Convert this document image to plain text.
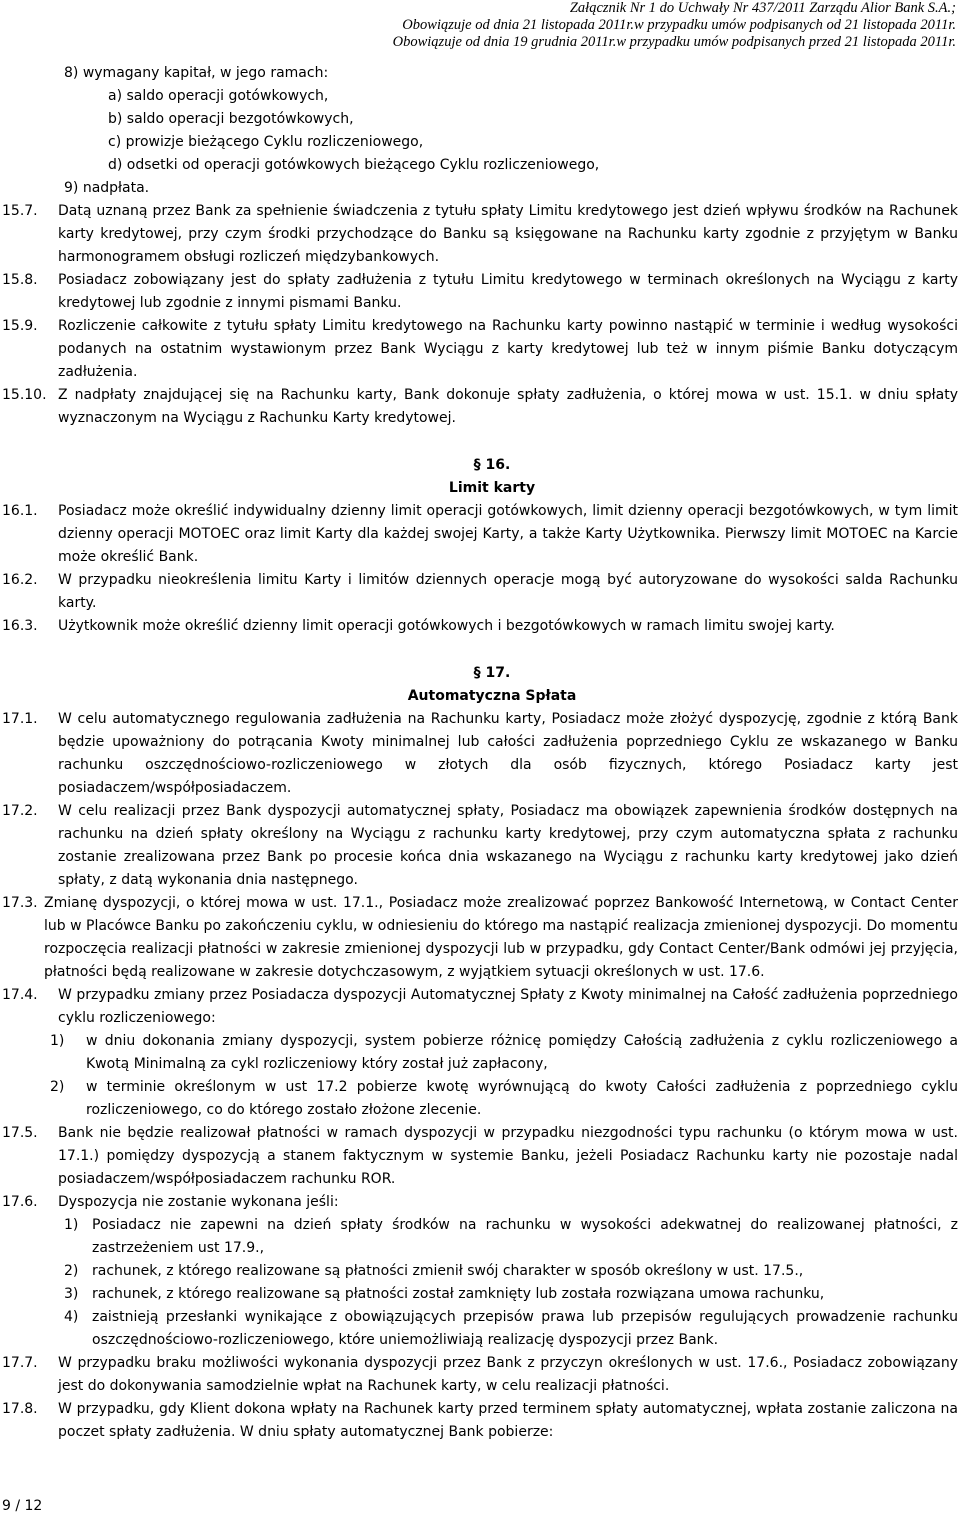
Załącznik Nr 1 do Uchwały Nr 437/2011 Zarządu Alior Bank S.A.;
Obowiązuje od dnia 21 listopada 2011r.w przypadku umów podpisanych od 21 listopada 2011r.
Obowiązuje od dnia 19 grudnia 2011r.w przypadku umów podpisanych przed 21 listopada 2011r.
8) wymagany kapitał, w jego ramach:
a) saldo operacji gotówkowych,
b) saldo operacji bezgotówkowych,
c) prowizje bieżącego Cyklu rozliczeniowego,
d) odsetki od operacji gotówkowych bieżącego Cyklu rozliczeniowego,
9) nadpłata.
15.7.	Datą uznaną przez Bank za spełnienie świadczenia z tytułu spłaty Limitu kredytowego jest dzień wpływu środków na Rachunek karty kredytowej, przy czym środki przychodzące do Banku są księgowane na Rachunku karty zgodnie z przyjętym w Banku harmonogramem obsługi rozliczeń międzybankowych.
15.8.	Posiadacz zobowiązany jest do spłaty zadłużenia z tytułu Limitu kredytowego w terminach określonych na Wyciągu z karty kredytowej lub zgodnie z innymi pismami Banku.
15.9.	Rozliczenie całkowite z tytułu spłaty Limitu kredytowego na Rachunku karty powinno nastąpić w terminie i według wysokości podanych na ostatnim wystawionym przez Bank Wyciągu z karty kredytowej lub też w innym piśmie Banku dotyczącym zadłużenia.
15.10. Z nadpłaty znajdującej się na Rachunku karty, Bank dokonuje spłaty zadłużenia, o której mowa w ust. 15.1. w dniu spłaty wyznaczonym na Wyciągu z Rachunku Karty kredytowej.
§ 16.
Limit karty
16.1.	Posiadacz może określić indywidualny dzienny limit operacji gotówkowych, limit dzienny operacji bezgotówkowych, w tym limit dzienny operacji MOTOEC oraz limit Karty dla każdej swojej Karty, a także Karty Użytkownika. Pierwszy limit MOTOEC na Karcie może określić Bank.
16.2.	W przypadku nieokreślenia limitu Karty i limitów dziennych operacje mogą być autoryzowane do wysokości salda Rachunku karty.
16.3.	Użytkownik może określić dzienny limit operacji gotówkowych i bezgotówkowych w ramach limitu swojej karty.
§ 17.
Automatyczna Spłata
17.1.	W celu automatycznego regulowania zadłużenia na Rachunku karty, Posiadacz może złożyć dyspozycję, zgodnie z którą Bank będzie upoważniony do potrącania Kwoty minimalnej lub całości zadłużenia poprzedniego Cyklu ze wskazanego w Banku rachunku oszczędnościowo-rozliczeniowego w złotych dla osób fizycznych, którego Posiadacz karty jest posiadaczem/współposiadaczem.
17.2.	W celu realizacji przez Bank dyspozycji automatycznej spłaty, Posiadacz ma obowiązek zapewnienia środków dostępnych na rachunku na dzień spłaty określony na Wyciągu z rachunku karty kredytowej, przy czym automatyczna spłata z rachunku zostanie zrealizowana przez Bank po procesie końca dnia wskazanego na Wyciągu z rachunku karty kredytowej jako dzień spłaty, z datą wykonania dnia następnego.
17.3. Zmianę dyspozycji, o której mowa w ust. 17.1., Posiadacz może zrealizować poprzez Bankowość Internetową, w Contact Center lub w Placówce Banku po zakończeniu cyklu, w odniesieniu do którego ma nastąpić realizacja zmienionej dyspozycji. Do momentu rozpoczęcia realizacji płatności w zakresie zmienionej dyspozycji lub w przypadku, gdy Contact Center/Bank odmówi jej przyjęcia, płatności będą realizowane w zakresie dotychczasowym, z wyjątkiem sytuacji określonych w ust. 17.6.
17.4.	W przypadku zmiany przez Posiadacza dyspozycji Automatycznej Spłaty z Kwoty minimalnej na Całość zadłużenia poprzedniego cyklu rozliczeniowego:
1)	w dniu dokonania zmiany dyspozycji, system pobierze różnicę pomiędzy Całością zadłużenia z cyklu rozliczeniowego a Kwotą Minimalną za cykl rozliczeniowy który został już zapłacony,
2)	w terminie określonym w ust 17.2 pobierze kwotę wyrównującą do kwoty Całości zadłużenia z poprzedniego cyklu rozliczeniowego, co do którego zostało złożone zlecenie.
17.5.	Bank nie będzie realizował płatności w ramach dyspozycji w przypadku niezgodności typu rachunku (o którym mowa w ust. 17.1.) pomiędzy dyspozycją a stanem faktycznym w systemie Banku, jeżeli Posiadacz Rachunku karty nie pozostaje nadal posiadaczem/współposiadaczem rachunku ROR.
17.6.	Dyspozycja nie zostanie wykonana jeśli:
1) Posiadacz nie zapewni na dzień spłaty środków na rachunku w wysokości adekwatnej do realizowanej płatności, z zastrzeżeniem ust 17.9.,
2) rachunek, z którego realizowane są płatności zmienił swój charakter w sposób określony w ust. 17.5.,
3) rachunek, z którego realizowane są płatności został zamknięty lub została rozwiązana umowa rachunku,
4) zaistnieją przesłanki wynikające z obowiązujących przepisów prawa lub przepisów regulujących prowadzenie rachunku oszczędnościowo-rozliczeniowego, które uniemożliwiają realizację dyspozycji przez Bank.
17.7.	W przypadku braku możliwości wykonania dyspozycji przez Bank z przyczyn określonych w ust. 17.6., Posiadacz zobowiązany jest do dokonywania samodzielnie wpłat na Rachunek karty, w celu realizacji płatności.
17.8.	W przypadku, gdy Klient dokona wpłaty na Rachunek karty przed terminem spłaty automatycznej, wpłata zostanie zaliczona na poczet spłaty zadłużenia. W dniu spłaty automatycznej Bank pobierze:
9 / 12
